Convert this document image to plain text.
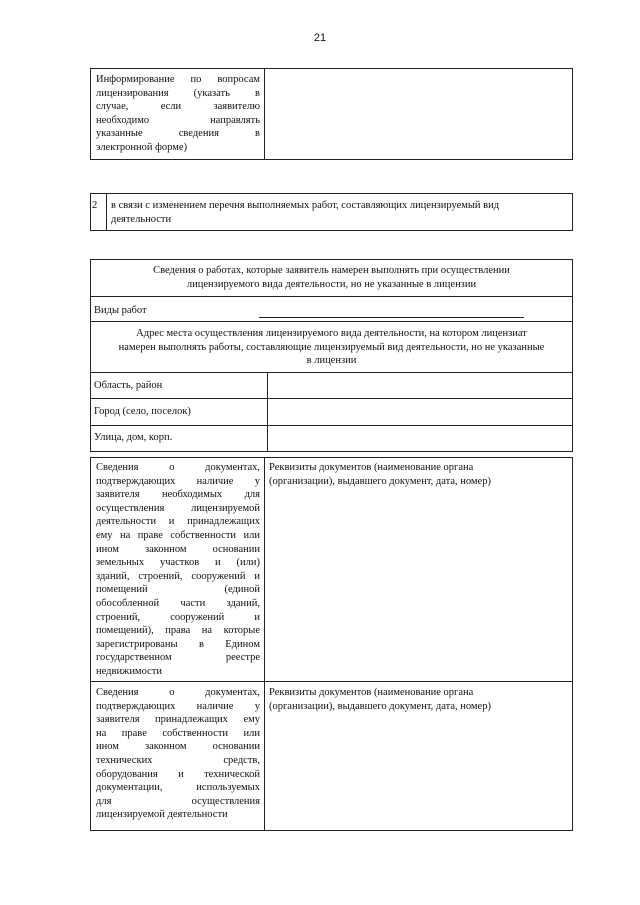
21
Информирование по вопросам
лицензирования (указать в
случае, если заявителю
необходимо направлять
указанные сведения в
электронной форме)
2	в связи с изменением перечня выполняемых работ, составляющих лицензируемый вид
деятельности
Сведения о работах, которые заявитель намерен выполнять при осуществлении
лицензируемого вида деятельности, но не указанные в лицензии
Виды работ
Адрес места осуществления лицензируемого вида деятельности, на котором лицензиат
намерен выполнять работы, составляющие лицензируемый вид деятельности, но не указанные
в лицензии
Область, район
Город (село, поселок)
Улица, дом, корп.
Сведения о документах,
подтверждающих наличие у
заявителя необходимых для
осуществления лицензируемой
деятельности и принадлежащих
ему на праве собственности или
ином законном основании
земельных участков и (или)
зданий, строений, сооружений и
помещений (единой
обособленной части зданий,
строений, сооружений и
помещений), права на которые
зарегистрированы в Едином
государственном реестре
недвижимости
Реквизиты документов (наименование органа
(организации), выдавшего документ, дата, номер)
Сведения о документах,
подтверждающих наличие у
заявителя принадлежащих ему
на праве собственности или
ином законном основании
технических средств,
оборудования и технической
документации, используемых
для осуществления
лицензируемой деятельности
Реквизиты документов (наименование органа
(организации), выдавшего документ, дата, номер)
